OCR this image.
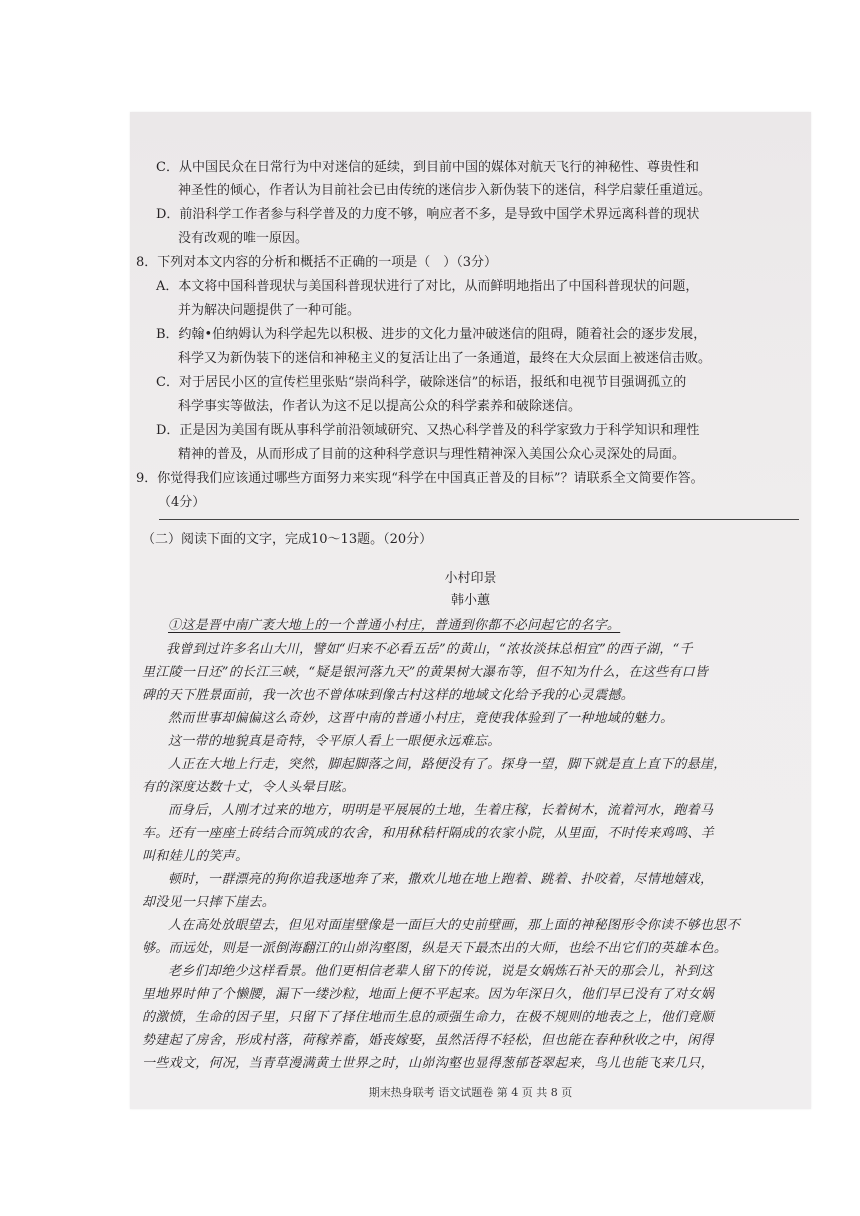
C．从中国民众在日常行为中对迷信的延续，到目前中国的媒体对航天飞行的神秘性、尊贵性和
神圣性的倾心，作者认为目前社会已由传统的迷信步入新伪装下的迷信，科学启蒙任重道远。
D．前沿科学工作者参与科学普及的力度不够，响应者不多，是导致中国学术界远离科普的现状
没有改观的唯一原因。
8．下列对本文内容的分析和概括不正确的一项是（　）（3分）
A．本文将中国科普现状与美国科普现状进行了对比，从而鲜明地指出了中国科普现状的问题，
并为解决问题提供了一种可能。
B．约翰•伯纳姆认为科学起先以积极、进步的文化力量冲破迷信的阻碍，随着社会的逐步发展，
科学又为新伪装下的迷信和神秘主义的复活让出了一条通道，最终在大众层面上被迷信击败。
C．对于居民小区的宣传栏里张贴“崇尚科学，破除迷信”的标语，报纸和电视节目强调孤立的
科学事实等做法，作者认为这不足以提高公众的科学素养和破除迷信。
D．正是因为美国有既从事科学前沿领域研究、又热心科学普及的科学家致力于科学知识和理性
精神的普及，从而形成了目前的这种科学意识与理性精神深入美国公众心灵深处的局面。
9．你觉得我们应该通过哪些方面努力来实现“科学在中国真正普及的目标”？请联系全文简要作答。
（4分）
（二）阅读下面的文字，完成10～13题。（20分）
小村印景
韩小蕙
①这是晋中南广袤大地上的一个普通小村庄，普通到你都不必问起它的名字。
我曾到过许多名山大川，譬如“归来不必看五岳”的黄山，“浓妆淡抹总相宜”的西子湖，“千
里江陵一日还”的长江三峡，“疑是银河落九天”的黄果树大瀑布等，但不知为什么，在这些有口皆
碑的天下胜景面前，我一次也不曾体味到像古村这样的地域文化给予我的心灵震撼。
然而世事却偏偏这么奇妙，这晋中南的普通小村庄，竟使我体验到了一种地域的魅力。
这一带的地貌真是奇特，令平原人看上一眼便永远难忘。
人正在大地上行走，突然，脚起脚落之间，路便没有了。探身一望，脚下就是直上直下的悬崖，
有的深度达数十丈，令人头晕目眩。
而身后，人刚才过来的地方，明明是平展展的土地，生着庄稼，长着树木，流着河水，跑着马
车。还有一座座土砖结合而筑成的农舍，和用秫秸杆隔成的农家小院，从里面，不时传来鸡鸣、羊
叫和娃儿的笑声。
顿时，一群漂亮的狗你追我逐地奔了来，撒欢儿地在地上跑着、跳着、扑咬着，尽情地嬉戏，
却没见一只摔下崖去。
人在高处放眼望去，但见对面崖壁像是一面巨大的史前壁画，那上面的神秘图形令你读不够也思不
够。而远处，则是一派倒海翻江的山峁沟壑图，纵是天下最杰出的大师，也绘不出它们的英雄本色。
老乡们却绝少这样看景。他们更相信老辈人留下的传说，说是女娲炼石补天的那会儿，补到这
里地界时伸了个懒腰，漏下一缕沙粒，地面上便不平起来。因为年深日久，他们早已没有了对女娲
的激愤，生命的因子里，只留下了择住地而生息的顽强生命力，在极不规则的地表之上，他们竟顺
势建起了房舍，形成村落，荷稼养畜，婚丧嫁娶，虽然活得不轻松，但也能在春种秋收之中，闲得
一些戏文，何况，当青草漫满黄土世界之时，山峁沟壑也显得葱郁苍翠起来，鸟儿也能飞来几只，
期末热身联考 语文试题卷 第 4 页 共 8 页
